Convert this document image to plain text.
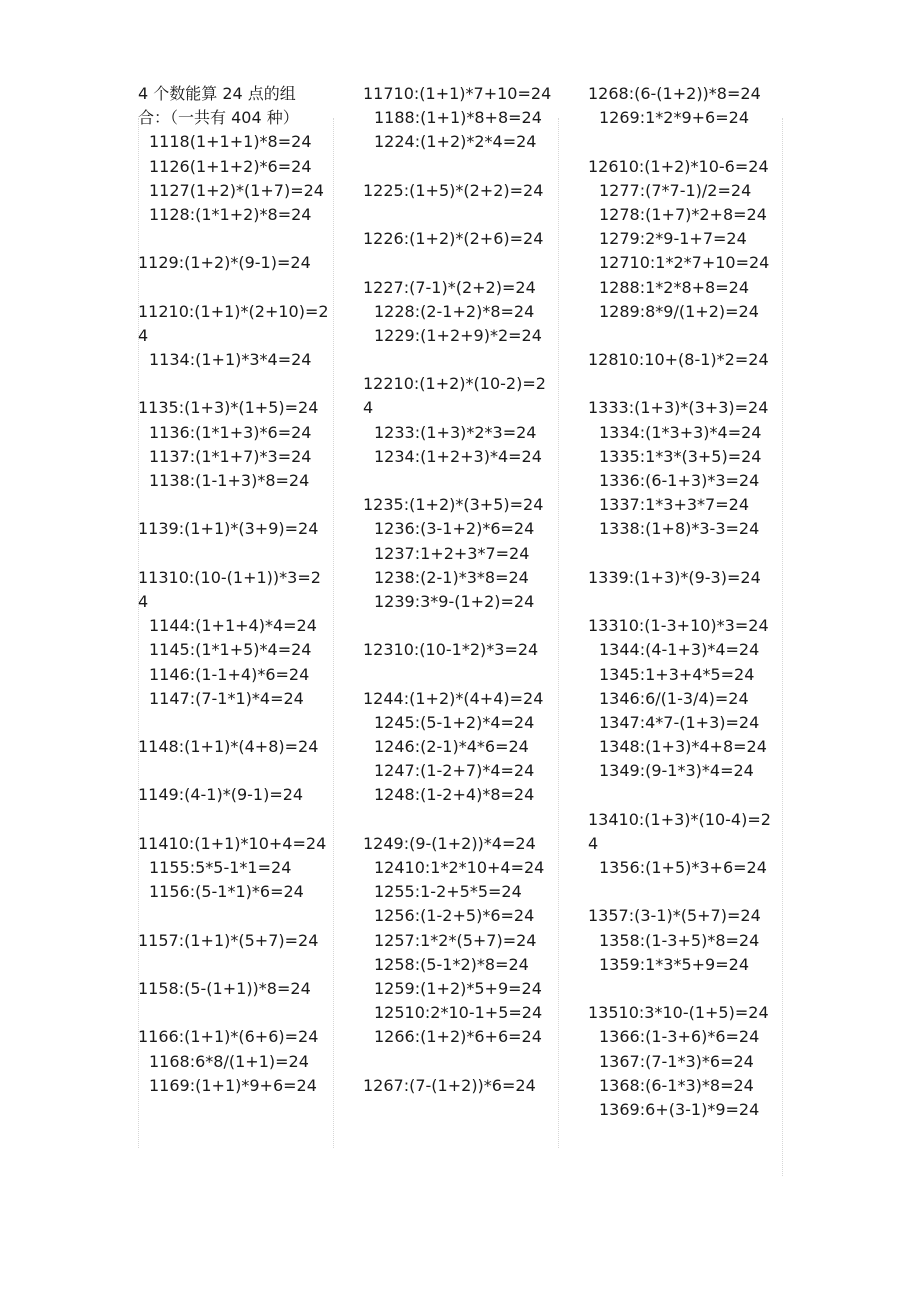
4 个数能算 24 点的组
合：（一共有 404 种）
1118(1+1+1)*8=24
1126(1+1+2)*6=24
1127(1+2)*(1+7)=24
1128:(1*1+2)*8=24
1129:(1+2)*(9-1)=24
11210:(1+1)*(2+10)=2
4
1134:(1+1)*3*4=24
1135:(1+3)*(1+5)=24
1136:(1*1+3)*6=24
1137:(1*1+7)*3=24
1138:(1-1+3)*8=24
1139:(1+1)*(3+9)=24
11310:(10-(1+1))*3=2
4
1144:(1+1+4)*4=24
1145:(1*1+5)*4=24
1146:(1-1+4)*6=24
1147:(7-1*1)*4=24
1148:(1+1)*(4+8)=24
1149:(4-1)*(9-1)=24
11410:(1+1)*10+4=24
1155:5*5-1*1=24
1156:(5-1*1)*6=24
1157:(1+1)*(5+7)=24
1158:(5-(1+1))*8=24
1166:(1+1)*(6+6)=24
1168:6*8/(1+1)=24
1169:(1+1)*9+6=24
11710:(1+1)*7+10=24
1188:(1+1)*8+8=24
1224:(1+2)*2*4=24
1225:(1+5)*(2+2)=24
1226:(1+2)*(2+6)=24
1227:(7-1)*(2+2)=24
1228:(2-1+2)*8=24
1229:(1+2+9)*2=24
12210:(1+2)*(10-2)=2
4
1233:(1+3)*2*3=24
1234:(1+2+3)*4=24
1235:(1+2)*(3+5)=24
1236:(3-1+2)*6=24
1237:1+2+3*7=24
1238:(2-1)*3*8=24
1239:3*9-(1+2)=24
12310:(10-1*2)*3=24
1244:(1+2)*(4+4)=24
1245:(5-1+2)*4=24
1246:(2-1)*4*6=24
1247:(1-2+7)*4=24
1248:(1-2+4)*8=24
1249:(9-(1+2))*4=24
12410:1*2*10+4=24
1255:1-2+5*5=24
1256:(1-2+5)*6=24
1257:1*2*(5+7)=24
1258:(5-1*2)*8=24
1259:(1+2)*5+9=24
12510:2*10-1+5=24
1266:(1+2)*6+6=24
1267:(7-(1+2))*6=24
1268:(6-(1+2))*8=24
1269:1*2*9+6=24
12610:(1+2)*10-6=24
1277:(7*7-1)/2=24
1278:(1+7)*2+8=24
1279:2*9-1+7=24
12710:1*2*7+10=24
1288:1*2*8+8=24
1289:8*9/(1+2)=24
12810:10+(8-1)*2=24
1333:(1+3)*(3+3)=24
1334:(1*3+3)*4=24
1335:1*3*(3+5)=24
1336:(6-1+3)*3=24
1337:1*3+3*7=24
1338:(1+8)*3-3=24
1339:(1+3)*(9-3)=24
13310:(1-3+10)*3=24
1344:(4-1+3)*4=24
1345:1+3+4*5=24
1346:6/(1-3/4)=24
1347:4*7-(1+3)=24
1348:(1+3)*4+8=24
1349:(9-1*3)*4=24
13410:(1+3)*(10-4)=2
4
1356:(1+5)*3+6=24
1357:(3-1)*(5+7)=24
1358:(1-3+5)*8=24
1359:1*3*5+9=24
13510:3*10-(1+5)=24
1366:(1-3+6)*6=24
1367:(7-1*3)*6=24
1368:(6-1*3)*8=24
1369:6+(3-1)*9=24
